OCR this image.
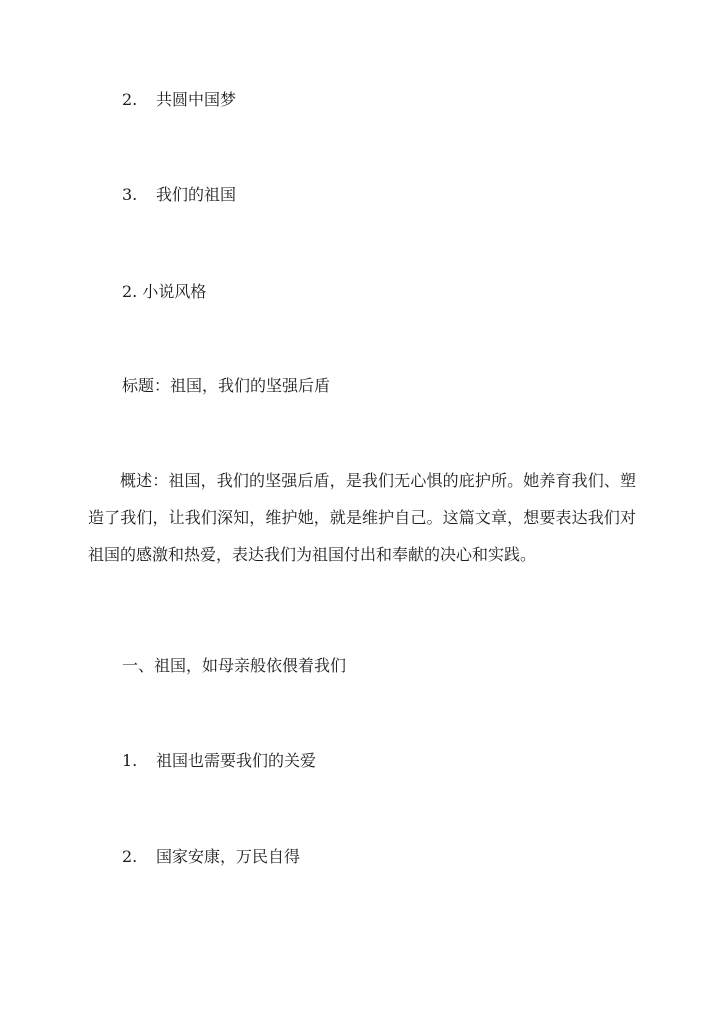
2. 共圆中国梦
3. 我们的祖国
2. 小说风格
标题：祖国，我们的坚强后盾
概述：祖国，我们的坚强后盾，是我们无心惧的庇护所。她养育我们、塑造了我们，让我们深知，维护她，就是维护自己。这篇文章，想要表达我们对祖国的感激和热爱，表达我们为祖国付出和奉献的决心和实践。
一、祖国，如母亲般依偎着我们
1. 祖国也需要我们的关爱
2. 国家安康，万民自得
